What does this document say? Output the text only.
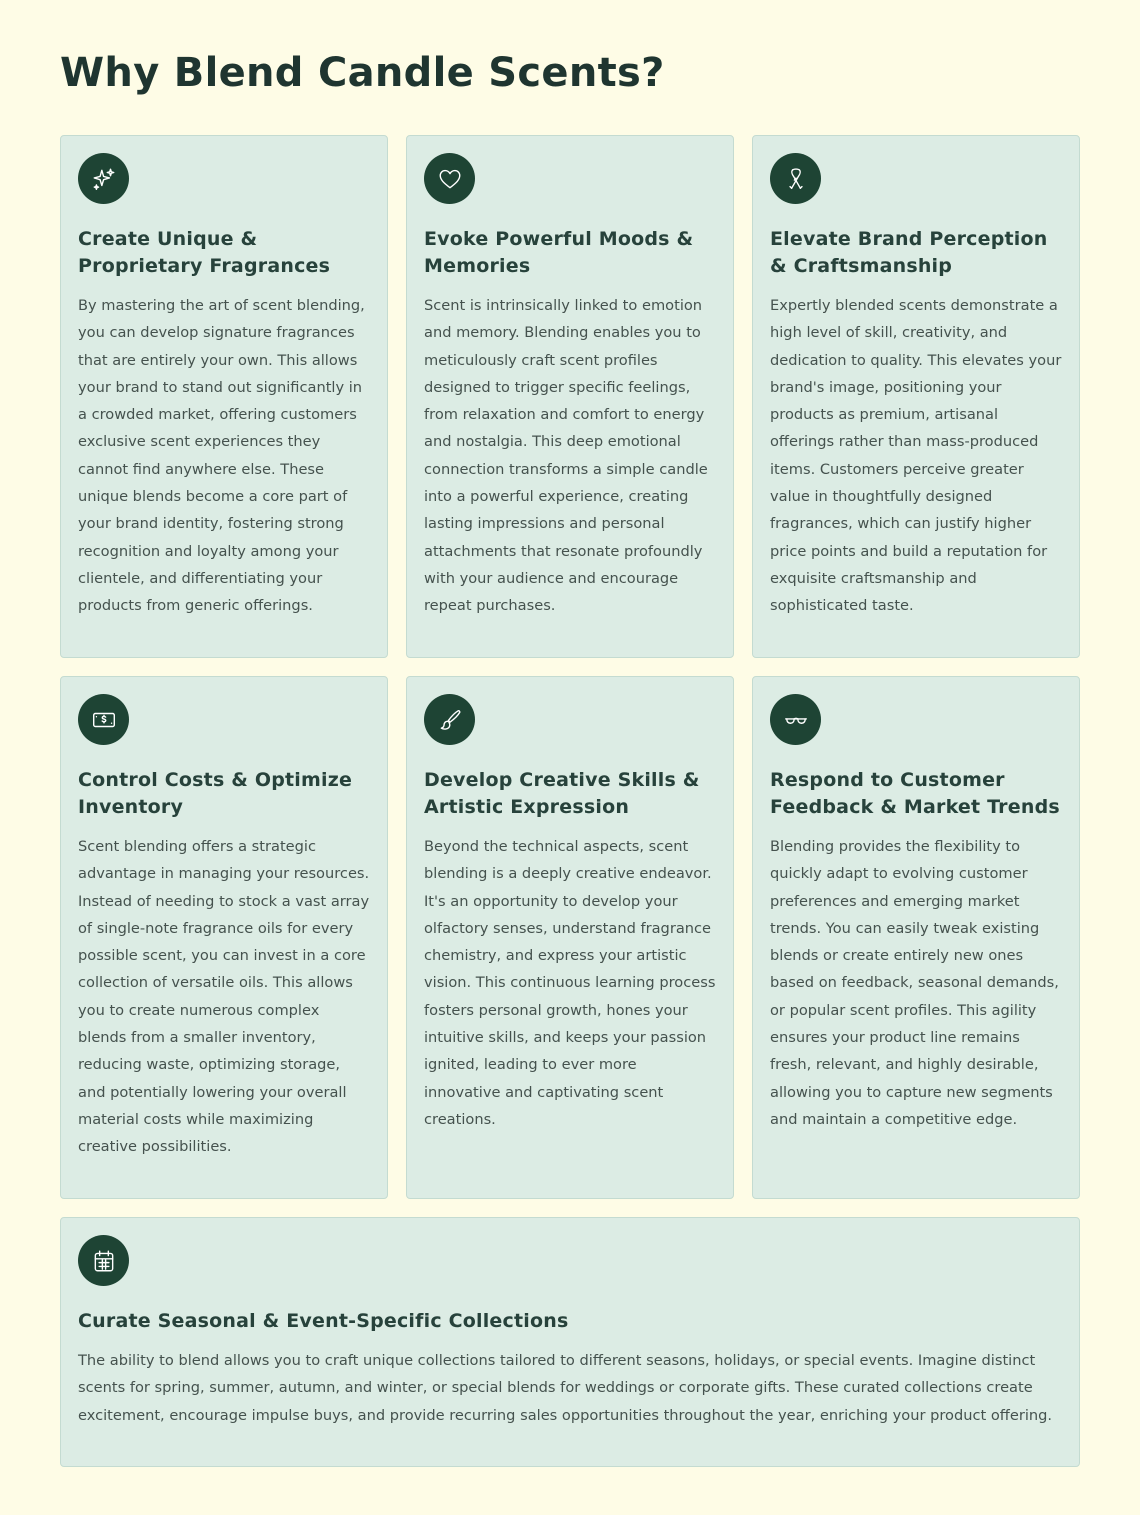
Why Blend Candle Scents?
Create Unique & Proprietary Fragrances

By mastering the art of scent blending, you can develop signature fragrances that are entirely your own. This allows your brand to stand out significantly in a crowded market, offering customers exclusive scent experiences they cannot find anywhere else. These unique blends become a core part of your brand identity, fostering strong recognition and loyalty among your clientele, and differentiating your products from generic offerings.

Evoke Powerful Moods & Memories

Scent is intrinsically linked to emotion and memory. Blending enables you to meticulously craft scent profiles designed to trigger specific feelings, from relaxation and comfort to energy and nostalgia. This deep emotional connection transforms a simple candle into a powerful experience, creating lasting impressions and personal attachments that resonate profoundly with your audience and encourage repeat purchases.

Elevate Brand Perception & Craftsmanship

Expertly blended scents demonstrate a high level of skill, creativity, and dedication to quality. This elevates your brand's image, positioning your products as premium, artisanal offerings rather than mass-produced items. Customers perceive greater value in thoughtfully designed fragrances, which can justify higher price points and build a reputation for exquisite craftsmanship and sophisticated taste.

Control Costs & Optimize Inventory

Scent blending offers a strategic advantage in managing your resources. Instead of needing to stock a vast array of single-note fragrance oils for every possible scent, you can invest in a core collection of versatile oils. This allows you to create numerous complex blends from a smaller inventory, reducing waste, optimizing storage, and potentially lowering your overall material costs while maximizing creative possibilities.

Develop Creative Skills & Artistic Expression

Beyond the technical aspects, scent blending is a deeply creative endeavor. It's an opportunity to develop your olfactory senses, understand fragrance chemistry, and express your artistic vision. This continuous learning process fosters personal growth, hones your intuitive skills, and keeps your passion ignited, leading to ever more innovative and captivating scent creations.

Respond to Customer Feedback & Market Trends

Blending provides the flexibility to quickly adapt to evolving customer preferences and emerging market trends. You can easily tweak existing blends or create entirely new ones based on feedback, seasonal demands, or popular scent profiles. This agility ensures your product line remains fresh, relevant, and highly desirable, allowing you to capture new segments and maintain a competitive edge.

Curate Seasonal & Event-Specific Collections

The ability to blend allows you to craft unique collections tailored to different seasons, holidays, or special events. Imagine distinct scents for spring, summer, autumn, and winter, or special blends for weddings or corporate gifts. These curated collections create excitement, encourage impulse buys, and provide recurring sales opportunities throughout the year, enriching your product offering.
